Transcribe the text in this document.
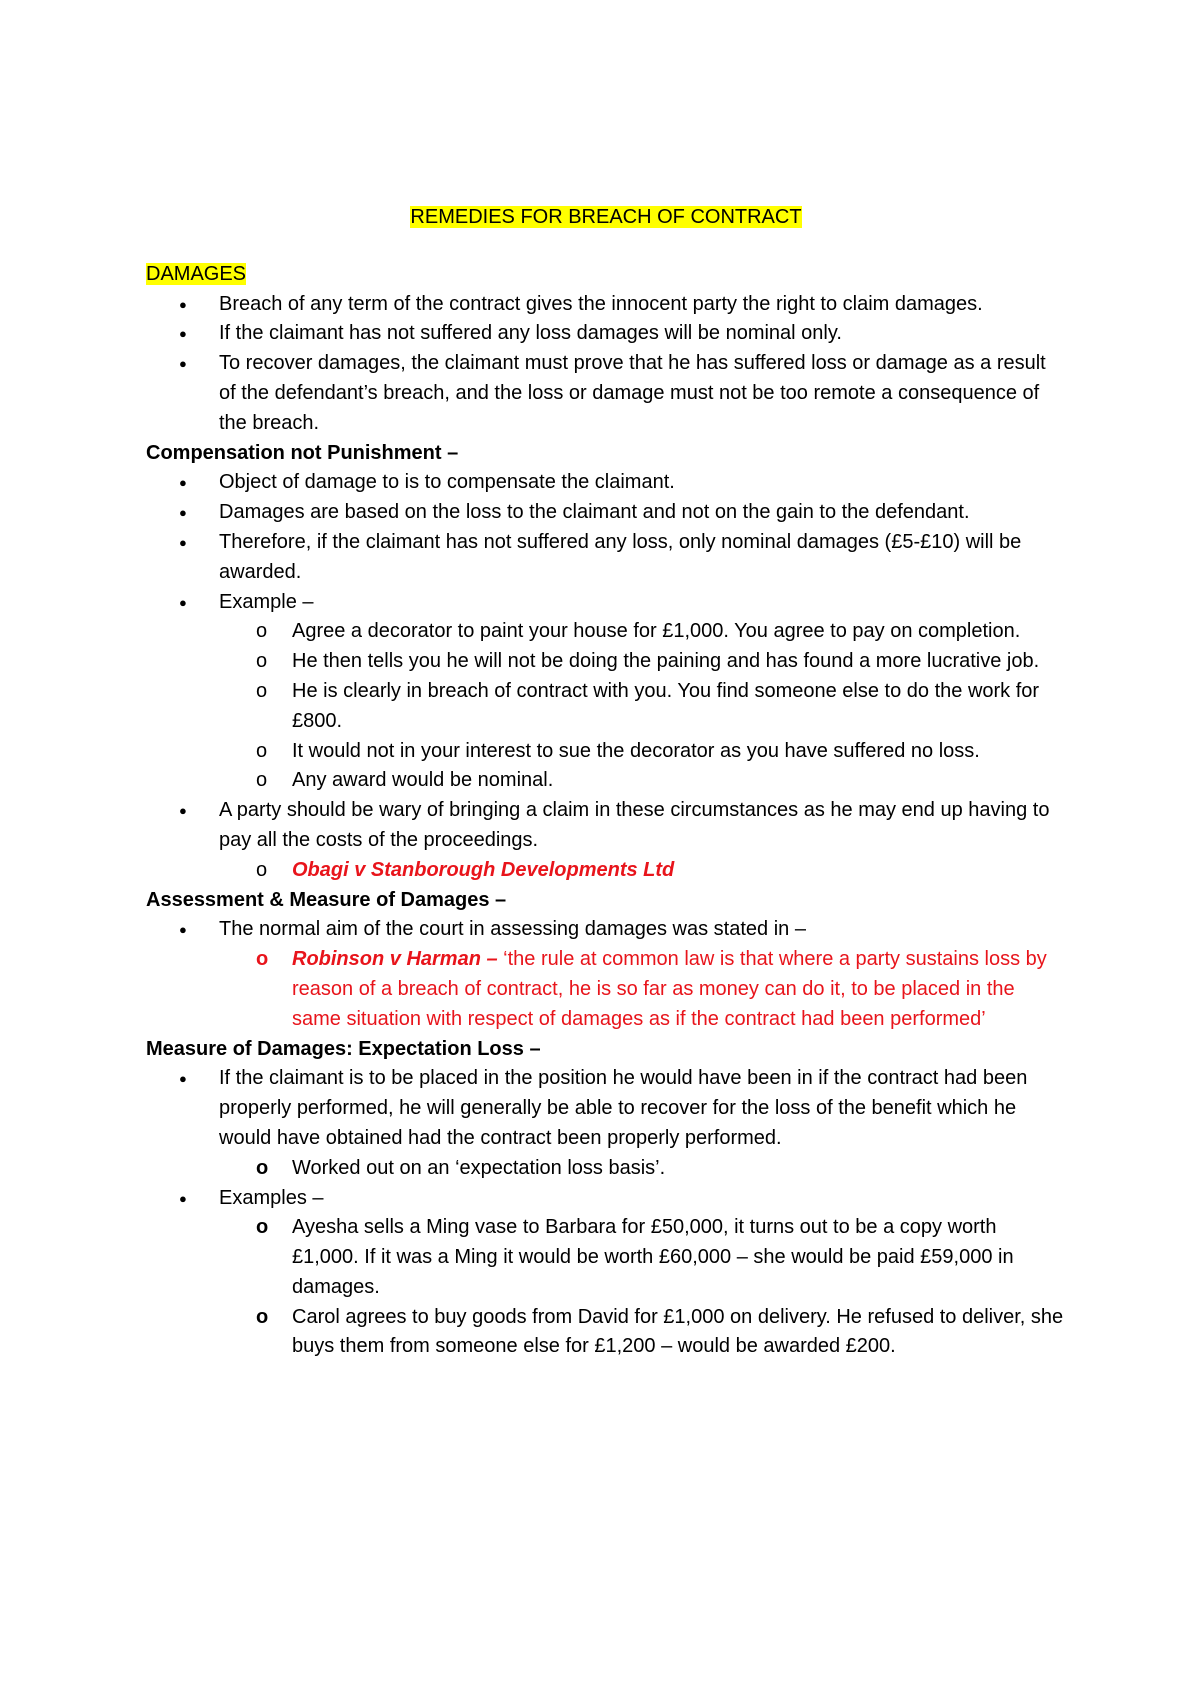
REMEDIES FOR BREACH OF CONTRACT
DAMAGES
● Breach of any term of the contract gives the innocent party the right to claim damages.
● If the claimant has not suffered any loss damages will be nominal only.
● To recover damages, the claimant must prove that he has suffered loss or damage as a result of the defendant’s breach, and the loss or damage must not be too remote a consequence of the breach.
Compensation not Punishment –
● Object of damage to is to compensate the claimant.
● Damages are based on the loss to the claimant and not on the gain to the defendant.
● Therefore, if the claimant has not suffered any loss, only nominal damages (£5-£10) will be awarded.
● Example –
o Agree a decorator to paint your house for £1,000. You agree to pay on completion.
o He then tells you he will not be doing the paining and has found a more lucrative job.
o He is clearly in breach of contract with you. You find someone else to do the work for £800.
o It would not in your interest to sue the decorator as you have suffered no loss.
o Any award would be nominal.
● A party should be wary of bringing a claim in these circumstances as he may end up having to pay all the costs of the proceedings.
o Obagi v Stanborough Developments Ltd
Assessment & Measure of Damages –
● The normal aim of the court in assessing damages was stated in –
o Robinson v Harman – ‘the rule at common law is that where a party sustains loss by reason of a breach of contract, he is so far as money can do it, to be placed in the same situation with respect of damages as if the contract had been performed’
Measure of Damages: Expectation Loss –
● If the claimant is to be placed in the position he would have been in if the contract had been properly performed, he will generally be able to recover for the loss of the benefit which he would have obtained had the contract been properly performed.
o Worked out on an ‘expectation loss basis’.
● Examples –
o Ayesha sells a Ming vase to Barbara for £50,000, it turns out to be a copy worth £1,000. If it was a Ming it would be worth £60,000 – she would be paid £59,000 in damages.
o Carol agrees to buy goods from David for £1,000 on delivery. He refused to deliver, she buys them from someone else for £1,200 – would be awarded £200.
